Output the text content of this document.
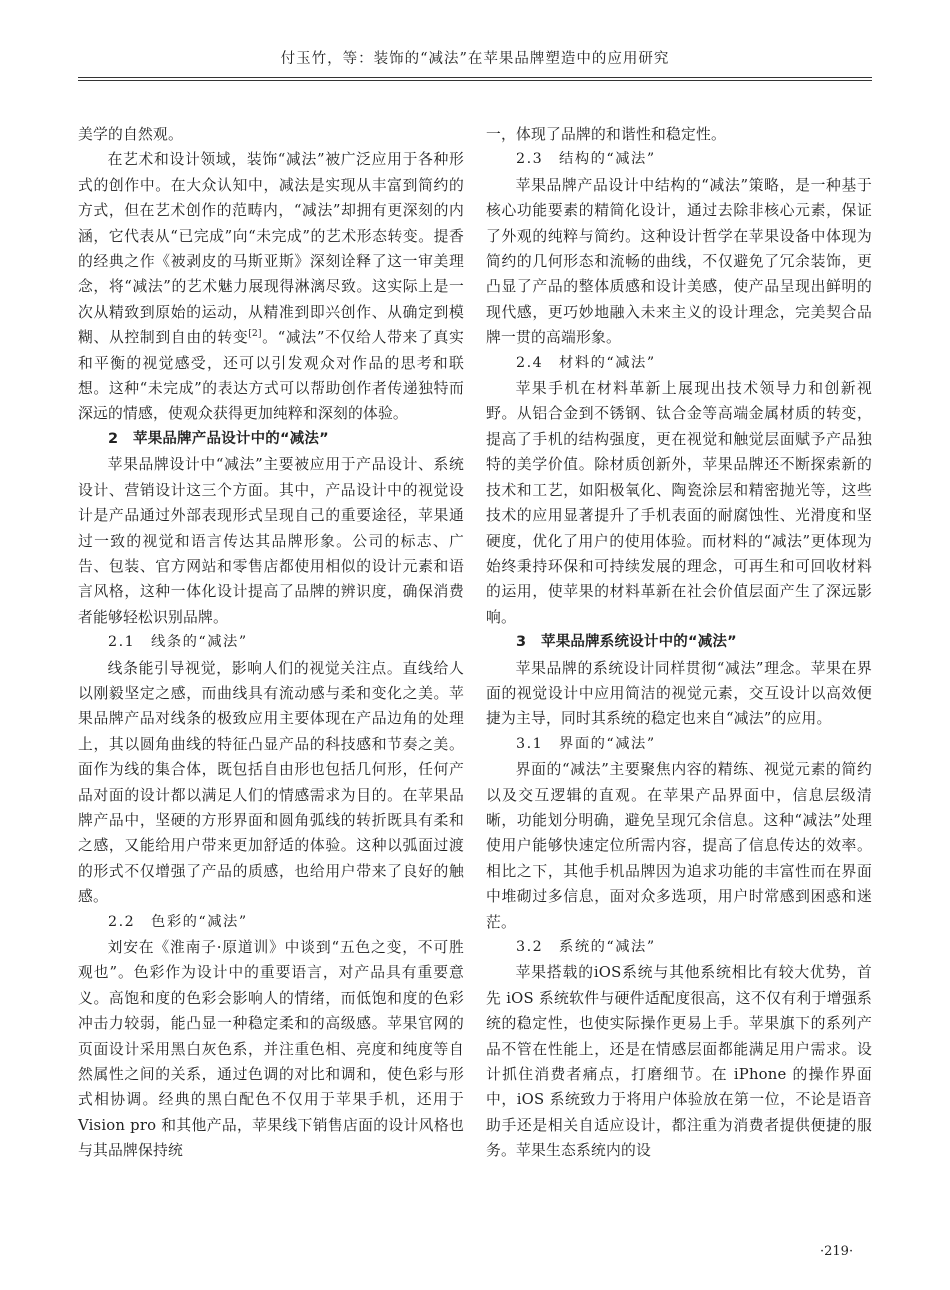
付玉竹，等：装饰的“减法”在苹果品牌塑造中的应用研究

美学的自然观。

在艺术和设计领域，装饰“减法”被广泛应用于各种形式的创作中。在大众认知中，减法是实现从丰富到简约的方式，但在艺术创作的范畴内，“减法”却拥有更深刻的内涵，它代表从“已完成”向“未完成”的艺术形态转变。提香的经典之作《被剥皮的马斯亚斯》深刻诠释了这一审美理念，将“减法”的艺术魅力展现得淋漓尽致。这实际上是一次从精致到原始的运动，从精准到即兴创作、从确定到模糊、从控制到自由的转变[2]。“减法”不仅给人带来了真实和平衡的视觉感受，还可以引发观众对作品的思考和联想。这种“未完成”的表达方式可以帮助创作者传递独特而深远的情感，使观众获得更加纯粹和深刻的体验。

2　苹果品牌产品设计中的“减法”

苹果品牌设计中“减法”主要被应用于产品设计、系统设计、营销设计这三个方面。其中，产品设计中的视觉设计是产品通过外部表现形式呈现自己的重要途径，苹果通过一致的视觉和语言传达其品牌形象。公司的标志、广告、包装、官方网站和零售店都使用相似的设计元素和语言风格，这种一体化设计提高了品牌的辨识度，确保消费者能够轻松识别品牌。

2.1　线条的“减法”

线条能引导视觉，影响人们的视觉关注点。直线给人以刚毅坚定之感，而曲线具有流动感与柔和变化之美。苹果品牌产品对线条的极致应用主要体现在产品边角的处理上，其以圆角曲线的特征凸显产品的科技感和节奏之美。面作为线的集合体，既包括自由形也包括几何形，任何产品对面的设计都以满足人们的情感需求为目的。在苹果品牌产品中，坚硬的方形界面和圆角弧线的转折既具有柔和之感，又能给用户带来更加舒适的体验。这种以弧面过渡的形式不仅增强了产品的质感，也给用户带来了良好的触感。

2.2　色彩的“减法”

刘安在《淮南子·原道训》中谈到“五色之变，不可胜观也”。色彩作为设计中的重要语言，对产品具有重要意义。高饱和度的色彩会影响人的情绪，而低饱和度的色彩冲击力较弱，能凸显一种稳定柔和的高级感。苹果官网的页面设计采用黑白灰色系，并注重色相、亮度和纯度等自然属性之间的关系，通过色调的对比和调和，使色彩与形式相协调。经典的黑白配色不仅用于苹果手机，还用于 Vision pro 和其他产品，苹果线下销售店面的设计风格也与其品牌保持统

一，体现了品牌的和谐性和稳定性。

2.3　结构的“减法”

苹果品牌产品设计中结构的“减法”策略，是一种基于核心功能要素的精简化设计，通过去除非核心元素，保证了外观的纯粹与简约。这种设计哲学在苹果设备中体现为简约的几何形态和流畅的曲线，不仅避免了冗余装饰，更凸显了产品的整体质感和设计美感，使产品呈现出鲜明的现代感，更巧妙地融入未来主义的设计理念，完美契合品牌一贯的高端形象。

2.4　材料的“减法”

苹果手机在材料革新上展现出技术领导力和创新视野。从铝合金到不锈钢、钛合金等高端金属材质的转变，提高了手机的结构强度，更在视觉和触觉层面赋予产品独特的美学价值。除材质创新外，苹果品牌还不断探索新的技术和工艺，如阳极氧化、陶瓷涂层和精密抛光等，这些技术的应用显著提升了手机表面的耐腐蚀性、光滑度和坚硬度，优化了用户的使用体验。而材料的“减法”更体现为始终秉持环保和可持续发展的理念，可再生和可回收材料的运用，使苹果的材料革新在社会价值层面产生了深远影响。

3　苹果品牌系统设计中的“减法”

苹果品牌的系统设计同样贯彻“减法”理念。苹果在界面的视觉设计中应用简洁的视觉元素，交互设计以高效便捷为主导，同时其系统的稳定也来自“减法”的应用。

3.1　界面的“减法”

界面的“减法”主要聚焦内容的精练、视觉元素的简约以及交互逻辑的直观。在苹果产品界面中，信息层级清晰，功能划分明确，避免呈现冗余信息。这种“减法”处理使用户能够快速定位所需内容，提高了信息传达的效率。相比之下，其他手机品牌因为追求功能的丰富性而在界面中堆砌过多信息，面对众多选项，用户时常感到困惑和迷茫。

3.2　系统的“减法”

苹果搭载的iOS系统与其他系统相比有较大优势，首先 iOS 系统软件与硬件适配度很高，这不仅有利于增强系统的稳定性，也使实际操作更易上手。苹果旗下的系列产品不管在性能上，还是在情感层面都能满足用户需求。设计抓住消费者痛点，打磨细节。在 iPhone 的操作界面中，iOS 系统致力于将用户体验放在第一位，不论是语音助手还是相关自适应设计，都注重为消费者提供便捷的服务。苹果生态系统内的设

·219·
